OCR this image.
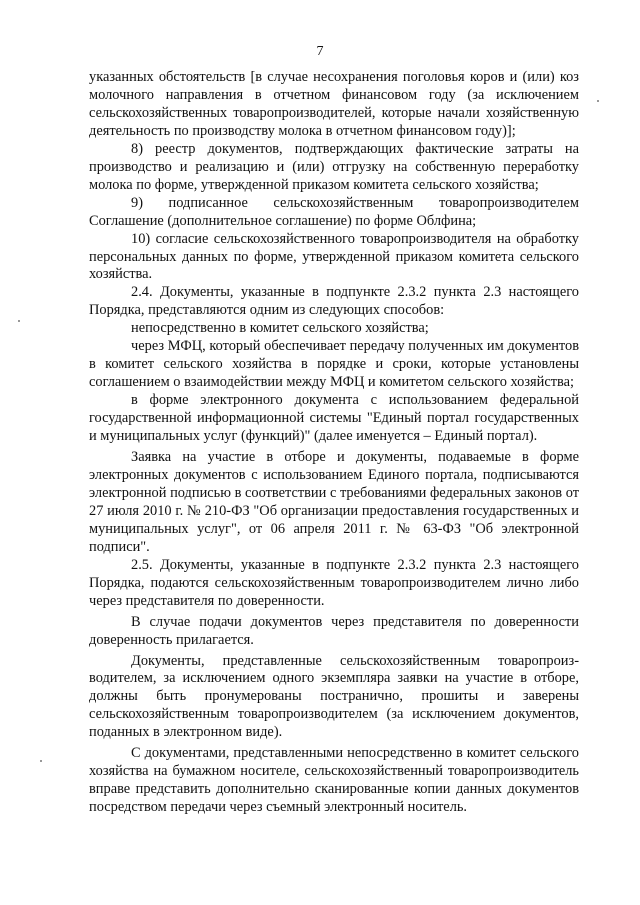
7

указанных обстоятельств [в случае несохранения поголовья коров и (или) коз молочного направления в отчетном финансовом году (за исключением сельскохозяйственных товаропроизводителей, которые начали хозяйственную деятельность по производству молока в отчетном финансовом году)];

8) реестр документов, подтверждающих фактические затраты на производство и реализацию и (или) отгрузку на собственную переработку молока по форме, утвержденной приказом комитета сельского хозяйства;

9) подписанное сельскохозяйственным товаропроизводителем Соглашение (дополнительное соглашение) по форме Облфина;

10) согласие сельскохозяйственного товаропроизводителя на обработку персональных данных по форме, утвержденной приказом комитета сельского хозяйства.

2.4. Документы, указанные в подпункте 2.3.2 пункта 2.3 настоящего Порядка, представляются одним из следующих способов:

непосредственно в комитет сельского хозяйства;

через МФЦ, который обеспечивает передачу полученных им документов в комитет сельского хозяйства в порядке и сроки, которые установлены соглашением о взаимодействии между МФЦ и комитетом сельского хозяйства;

в форме электронного документа с использованием федеральной государственной информационной системы "Единый портал государственных и муниципальных услуг (функций)" (далее именуется – Единый портал).

Заявка на участие в отборе и документы, подаваемые в форме электронных документов с использованием Единого портала, подписываются электронной подписью в соответствии с требованиями федеральных законов от 27 июля 2010 г. № 210-ФЗ "Об организации предоставления государственных и муниципальных услуг", от 06 апреля 2011 г. № 63-ФЗ "Об электронной подписи".

2.5. Документы, указанные в подпункте 2.3.2 пункта 2.3 настоящего Порядка, подаются сельскохозяйственным товаропроизводителем лично либо через представителя по доверенности.

В случае подачи документов через представителя по доверенности доверенность прилагается.

Документы, представленные сельскохозяйственным товаропроизводителем, за исключением одного экземпляра заявки на участие в отборе, должны быть пронумерованы постранично, прошиты и заверены сельскохозяйственным товаропроизводителем (за исключением документов, поданных в электронном виде).

С документами, представленными непосредственно в комитет сельского хозяйства на бумажном носителе, сельскохозяйственный товаропроизводитель вправе представить дополнительно сканированные копии данных документов посредством передачи через съемный электронный носитель.
